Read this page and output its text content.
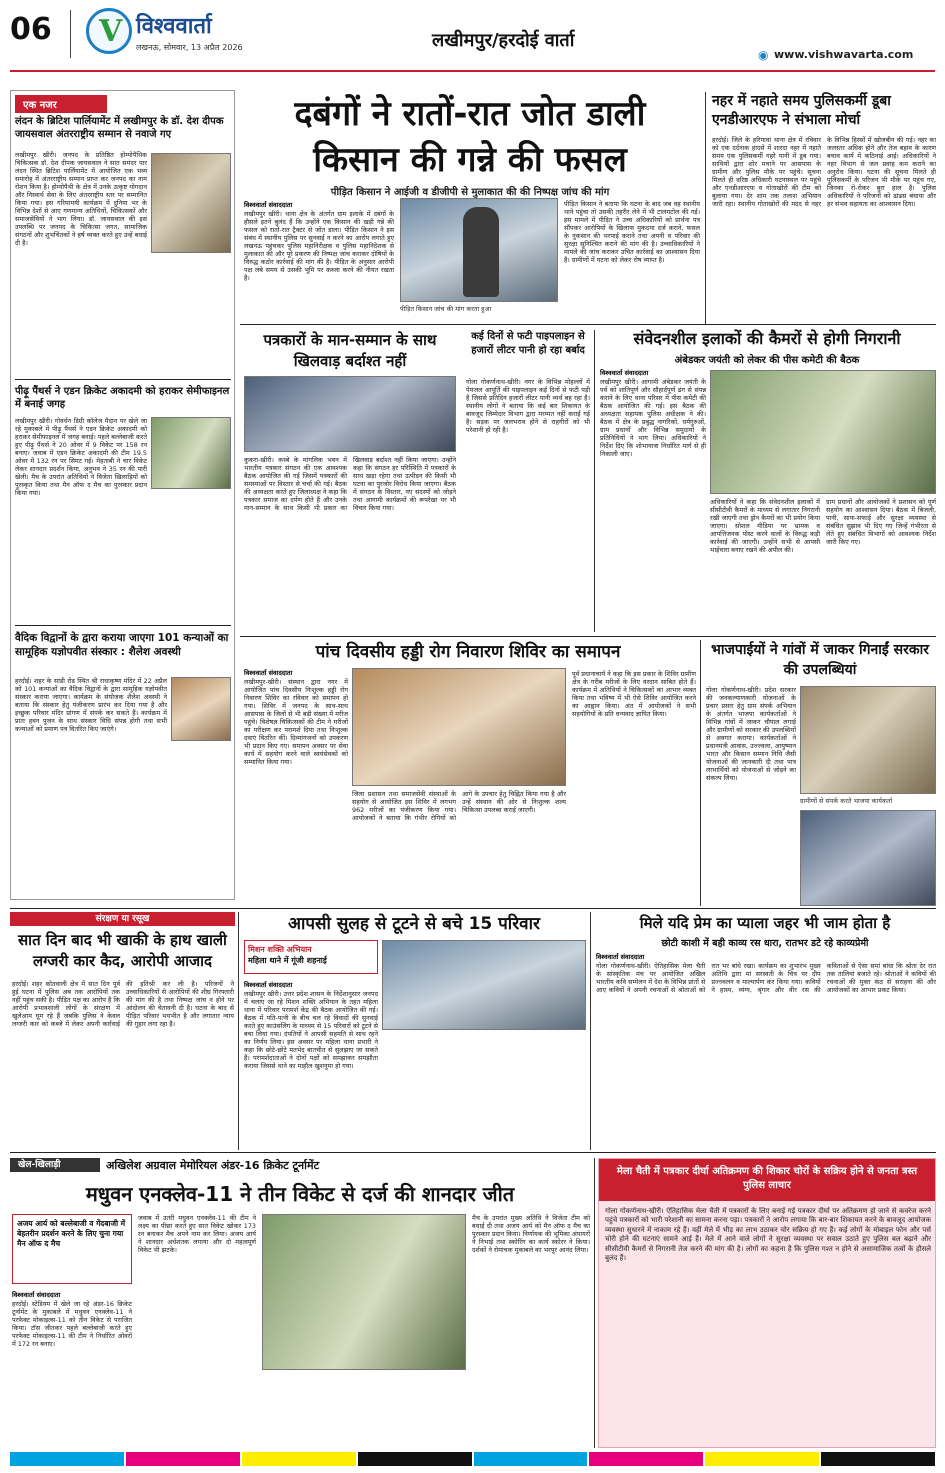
06 V	विश्ववार्ता
लखनऊ, सोमवार, 13 अप्रैल 2026	लखीमपुर/हरदोई वार्ता
◉ www.vishwavarta.com
एक नजर
लंदन के ब्रिटिश पार्लियामेंट में लखीमपुर के डॉ. देश दीपक जायसवाल अंतरराष्ट्रीय सम्मान से नवाजे गए
लखीमपुर खीरी। जनपद के प्रतिष्ठित होम्योपैथिक चिकित्सक डॉ. देश दीपक जायसवाल ने सात समंदर पार लंदन स्थित ब्रिटिश पार्लियामेंट में आयोजित एक भव्य समारोह में अंतरराष्ट्रीय सम्मान प्राप्त कर जनपद का नाम रोशन किया है। होम्योपैथी के क्षेत्र में उनके उत्कृष्ट योगदान और निस्वार्थ सेवा के लिए अंतरराष्ट्रीय स्तर पर सम्मानित किया गया। इस गरिमामयी कार्यक्रम में दुनिया भर के विभिन्न देशों से आए गणमान्य अतिथियों, चिकित्सकों और समाजसेवियों ने भाग लिया। डॉ. जायसवाल की इस उपलब्धि पर जनपद के चिकित्सा जगत, सामाजिक संगठनों और शुभचिंतकों ने हर्ष व्यक्त करते हुए उन्हें बधाई दी है।
पीढ़ू पैंथर्स ने एडन क्रिकेट अकादमी को हराकर सेमीफाइनल में बनाई जगह
लखीमपुर खीरी। गोवर्धन डिग्री कॉलेज मैदान पर खेले जा रहे मुकाबले में पीढ़ू पैंथर्स ने एडन क्रिकेट अकादमी को हराकर सेमीफाइनल में जगह बनाई। पहले बल्लेबाजी करते हुए पीढ़ू पैंथर्स ने 20 ओवर में 9 विकेट पर 158 रन बनाए। जवाब में एडन क्रिकेट अकादमी की टीम 19.5 ओवर में 132 रन पर सिमट गई। मेहताबी ने चार विकेट लेकर शानदार प्रदर्शन किया, अनुभव ने 35 रन की पारी खेली। मैच के उपरांत अतिथियों ने विजेता खिलाड़ियों को पुरस्कृत किया तथा मैन ऑफ द मैच का पुरस्कार प्रदान किया गया।
वैदिक विद्वानों के द्वारा कराया जाएगा 101 कन्याओं का सामूहिक यज्ञोपवीत संस्कार : शैलेश अवस्थी
हरदोई। शहर के सांडी रोड स्थित श्री राधाकृष्ण मंदिर में 22 अप्रैल को 101 कन्याओं का वैदिक विद्वानों के द्वारा सामूहिक यज्ञोपवीत संस्कार कराया जाएगा। कार्यक्रम के संयोजक शैलेश अवस्थी ने बताया कि संस्कार हेतु पंजीकरण प्रारंभ कर दिया गया है और इच्छुक परिवार मंदिर प्रांगण में संपर्क कर सकते हैं। कार्यक्रम में प्रातः हवन पूजन के साथ संस्कार विधि संपन्न होगी तथा सभी कन्याओं को प्रमाण पत्र वितरित किए जाएंगे।
दबंगों ने रातों-रात जोत डाली
किसान की गन्ने की फसल
पीड़ित किसान ने आईजी व डीजीपी से मुलाकात की की निष्पक्ष जांच की मांग
विश्ववार्ता संवाददाता
लखीमपुर खीरी। थाना क्षेत्र के अंतर्गत ग्राम इलाके में दबंगों के हौसले इतने बुलंद हैं कि उन्होंने एक किसान की खड़ी गन्ने की फसल को रातों-रात ट्रैक्टर से जोत डाला। पीड़ित किसान ने इस संबंध में स्थानीय पुलिस पर सुनवाई न करने का आरोप लगाते हुए लखनऊ पहुंचकर पुलिस महानिरीक्षक व पुलिस महानिदेशक से मुलाकात की और पूरे प्रकरण की निष्पक्ष जांच कराकर दोषियों के विरुद्ध कठोर कार्रवाई की मांग की है। पीड़ित के अनुसार आरोपी पक्ष लंबे समय से उसकी भूमि पर कब्जा करने की नीयत रखता है।
पीड़ित किसान जांच की मांग करता हुआ
पीड़ित किसान ने बताया कि घटना के बाद जब वह स्थानीय थाने पहुंचा तो उसकी तहरीर लेने में भी टालमटोल की गई। इस मामले में पीड़ित ने उच्च अधिकारियों को प्रार्थना पत्र सौंपकर आरोपियों के खिलाफ मुकदमा दर्ज कराने, फसल के नुकसान की भरपाई कराने तथा अपनी व परिवार की सुरक्षा सुनिश्चित कराने की मांग की है। उच्चाधिकारियों ने मामले की जांच कराकर उचित कार्रवाई का आश्वासन दिया है। ग्रामीणों में घटना को लेकर रोष व्याप्त है।
नहर में नहाते समय पुलिसकर्मी डूबा एनडीआरएफ ने संभाला मोर्चा
हरदोई। जिले के हरियावां थाना क्षेत्र में रविवार को एक दर्दनाक हादसे में शारदा नहर में नहाते समय एक पुलिसकर्मी गहरे पानी में डूब गया। साथियों द्वारा शोर मचाने पर आसपास के ग्रामीण और पुलिस मौके पर पहुंचे। सूचना मिलते ही वरिष्ठ अधिकारी घटनास्थल पर पहुंचे और एनडीआरएफ व गोताखोरों की टीम को बुलाया गया। देर शाम तक तलाश अभियान जारी रहा। स्थानीय गोताखोरों की मदद से नहर के विभिन्न हिस्सों में खोजबीन की गई। नहर का जलस्तर अधिक होने और तेज बहाव के कारण बचाव कार्य में कठिनाई आई। अधिकारियों ने नहर विभाग से जल प्रवाह कम कराने का अनुरोध किया। घटना की सूचना मिलते ही पुलिसकर्मी के परिजन भी मौके पर पहुंच गए, जिनका रो-रोकर बुरा हाल है। पुलिस अधिकारियों ने परिजनों को ढांढस बंधाया और हर संभव सहायता का आश्वासन दिया।
पत्रकारों के मान-सम्मान के साथ खिलवाड़ बर्दाश्त नहीं
कुकरा-खीरी। कस्बे के मांगलिक भवन में भारतीय पत्रकार संगठन की एक आवश्यक बैठक आयोजित की गई जिसमें पत्रकारों की समस्याओं पर विस्तार से चर्चा की गई। बैठक की अध्यक्षता करते हुए जिलाध्यक्ष ने कहा कि पत्रकार समाज का दर्पण होते हैं और उनके मान-सम्मान के साथ किसी भी प्रकार का खिलवाड़ बर्दाश्त नहीं किया जाएगा। उन्होंने कहा कि संगठन हर परिस्थिति में पत्रकारों के साथ खड़ा रहेगा तथा उत्पीड़न की किसी भी घटना का पुरजोर विरोध किया जाएगा। बैठक में संगठन के विस्तार, नए सदस्यों को जोड़ने तथा आगामी कार्यक्रमों की रूपरेखा पर भी विचार किया गया।
कई दिनों से फटी पाइपलाइन से हजारों लीटर पानी हो रहा बर्बाद
गोला गोकर्णनाथ-खीरी। नगर के विभिन्न मोहल्लों में पेयजल आपूर्ति की पाइपलाइन कई दिनों से फटी पड़ी है जिससे प्रतिदिन हजारों लीटर पानी व्यर्थ बह रहा है। स्थानीय लोगों ने बताया कि कई बार शिकायत के बावजूद जिम्मेदार विभाग द्वारा मरम्मत नहीं कराई गई है। सड़क पर जलभराव होने से राहगीरों को भी परेशानी हो रही है।
संवेदनशील इलाकों की कैमरों से होगी निगरानी
अंबेडकर जयंती को लेकर की पीस कमेटी की बैठक
विश्ववार्ता संवाददाता
लखीमपुर खीरी। आगामी अंबेडकर जयंती के पर्व को शांतिपूर्ण और सौहार्दपूर्ण ढंग से संपन्न कराने के लिए थाना परिसर में पीस कमेटी की बैठक आयोजित की गई। इस बैठक की अध्यक्षता सहायक पुलिस अधीक्षक ने की। बैठक में क्षेत्र के प्रबुद्ध नागरिकों, धर्मगुरुओं, ग्राम प्रधानों और विभिन्न समुदायों के प्रतिनिधियों ने भाग लिया। अधिकारियों ने निर्देश दिए कि शोभायात्रा निर्धारित मार्ग से ही निकाली जाए।
अधिकारियों ने कहा कि संवेदनशील इलाकों में सीसीटीवी कैमरों के माध्यम से लगातार निगरानी रखी जाएगी तथा ड्रोन कैमरों का भी प्रयोग किया जाएगा। सोशल मीडिया पर भ्रामक व आपत्तिजनक पोस्ट करने वालों के विरुद्ध कड़ी कार्रवाई की जाएगी। उन्होंने सभी से आपसी भाईचारा बनाए रखने की अपील की।
ग्राम प्रधानों और आयोजकों ने प्रशासन को पूर्ण सहयोग का आश्वासन दिया। बैठक में बिजली, पानी, साफ-सफाई और सुरक्षा व्यवस्था से संबंधित सुझाव भी दिए गए जिन्हें गंभीरता से लेते हुए संबंधित विभागों को आवश्यक निर्देश जारी किए गए।
पांच दिवसीय हड्डी रोग निवारण शिविर का समापन
विश्ववार्ता संवाददाता
लखीमपुर-खीरी। संस्थान द्वारा नगर में आयोजित पांच दिवसीय निःशुल्क हड्डी रोग निवारण शिविर का रविवार को समापन हो गया। शिविर में जनपद के साथ-साथ आसपास के जिलों से भी बड़ी संख्या में मरीज पहुंचे। विशेषज्ञ चिकित्सकों की टीम ने मरीजों का परीक्षण कर परामर्श दिया तथा निःशुल्क दवाएं वितरित कीं। दिव्यांगजनों को उपकरण भी प्रदान किए गए। समापन अवसर पर सेवा कार्य में सहयोग करने वाले स्वयंसेवकों को सम्मानित किया गया।
जिला प्रशासन तथा समाजसेवी संस्थाओं के सहयोग से आयोजित इस शिविर में लगभग 962 मरीजों का पंजीकरण किया गया। आयोजकों ने बताया कि गंभीर रोगियों को आगे के उपचार हेतु चिह्नित किया गया है और उन्हें संस्थान की ओर से निःशुल्क शल्य चिकित्सा उपलब्ध कराई जाएगी।
पूर्व प्रधानाचार्य ने कहा कि इस प्रकार के शिविर ग्रामीण क्षेत्र के गरीब मरीजों के लिए वरदान साबित होते हैं। कार्यक्रम में अतिथियों ने चिकित्सकों का आभार व्यक्त किया तथा भविष्य में भी ऐसे शिविर आयोजित करने का आह्वान किया। अंत में आयोजकों ने सभी सहयोगियों के प्रति धन्यवाद ज्ञापित किया।
भाजपाईयों ने गांवों में जाकर गिनाईं सरकार की उपलब्धियां
गोला गोकर्णनाथ-खीरी। प्रदेश सरकार की जनकल्याणकारी योजनाओं के प्रचार प्रसार हेतु ग्राम संपर्क अभियान के अंतर्गत भाजपा कार्यकर्ताओं ने विभिन्न गांवों में जाकर चौपाल लगाई और ग्रामीणों को सरकार की उपलब्धियों से अवगत कराया। कार्यकर्ताओं ने प्रधानमंत्री आवास, उज्ज्वला, आयुष्मान भारत और किसान सम्मान निधि जैसी योजनाओं की जानकारी दी तथा पात्र लाभार्थियों को योजनाओं से जोड़ने का संकल्प लिया।
ग्रामीणों से संपर्क करते भाजपा कार्यकर्ता
संरक्षण या रसूख
सात दिन बाद भी खाकी के हाथ खाली लग्जरी कार कैद, आरोपी आजाद
हरदोई। शहर कोतवाली क्षेत्र में सात दिन पूर्व हुई घटना में पुलिस अब तक आरोपियों तक नहीं पहुंच सकी है। पीड़ित पक्ष का आरोप है कि आरोपी प्रभावशाली लोगों के संरक्षण में खुलेआम घूम रहे हैं जबकि पुलिस ने केवल लग्जरी कार को कब्जे में लेकर अपनी कार्रवाई की इतिश्री कर ली है। परिजनों ने उच्चाधिकारियों से आरोपियों की शीघ्र गिरफ्तारी की मांग की है तथा निष्पक्ष जांच न होने पर आंदोलन की चेतावनी दी है। घटना के बाद से पीड़ित परिवार भयभीत है और लगातार न्याय की गुहार लगा रहा है।
आपसी सुलह से टूटने से बचे 15 परिवार
मिशन शक्ति अभियान
महिला थाने में गूंजी शहनाई
विश्ववार्ता संवाददाता
लखीमपुर खीरी। उत्तर प्रदेश शासन के निर्देशानुसार जनपद में चलाए जा रहे मिशन शक्ति अभियान के तहत महिला थाना में परिवार परामर्श केंद्र की बैठक आयोजित की गई। बैठक में पति-पत्नी के बीच चल रहे विवादों की सुनवाई करते हुए काउंसलिंग के माध्यम से 15 परिवारों को टूटने से बचा लिया गया। दंपतियों ने आपसी सहमति से साथ रहने का निर्णय लिया। इस अवसर पर महिला थाना प्रभारी ने कहा कि छोटे-छोटे मतभेद बातचीत से सुलझाए जा सकते हैं। परामर्शदाताओं ने दोनों पक्षों को समझाकर समझौता कराया जिससे थाने का माहौल खुशनुमा हो गया।
मिले यदि प्रेम का प्याला जहर भी जाम होता है
छोटी काशी में बही काव्य रस धारा, रातभर डटे रहे काव्यप्रेमी
विश्ववार्ता संवाददाता
गोला गोकर्णनाथ-खीरी। ऐतिहासिक मेला चैती के सांस्कृतिक मंच पर आयोजित अखिल भारतीय कवि सम्मेलन में देश के विभिन्न प्रांतों से आए कवियों ने अपनी रचनाओं से श्रोताओं को रात भर बांधे रखा। कार्यक्रम का शुभारंभ मुख्य अतिथि द्वारा मां सरस्वती के चित्र पर दीप प्रज्ज्वलन व माल्यार्पण कर किया गया। कवियों ने हास्य, व्यंग्य, श्रृंगार और वीर रस की कविताओं से ऐसा समां बांधा कि श्रोता देर रात तक तालियां बजाते रहे। श्रोताओं ने कवियों की रचनाओं की मुक्त कंठ से सराहना की और आयोजकों का आभार प्रकट किया।
खेल-खिलाड़ी	अखिलेश अग्रवाल मेमोरियल अंडर-16 क्रिकेट टूर्नामेंट
मधुवन एनक्लेव-11 ने तीन विकेट से दर्ज की शानदार जीत
अजय आर्य को बल्लेबाजी व गेंदबाजी में बेहतरीन प्रदर्शन करने के लिए चुना गया मैन ऑफ द मैच
विश्ववार्ता संवाददाता
हरदोई। स्टेडियम में खेले जा रहे अंडर-16 क्रिकेट टूर्नामेंट के मुकाबले में मधुवन एनक्लेव-11 ने परफेक्ट मोकाइल्स-11 को तीन विकेट से पराजित किया। टॉस जीतकर पहले बल्लेबाजी करते हुए परफेक्ट मोकाइल्स-11 की टीम ने निर्धारित ओवरों में 172 रन बनाए।
जवाब में उतरी मधुवन एनक्लेव-11 की टीम ने लक्ष्य का पीछा करते हुए सात विकेट खोकर 173 रन बनाकर मैच अपने नाम कर लिया। अजय आर्य ने शानदार अर्धशतक लगाया और दो महत्वपूर्ण विकेट भी झटके।
मैच के उपरांत मुख्य अतिथि ने विजेता टीम को बधाई दी तथा अजय आर्य को मैन ऑफ द मैच का पुरस्कार प्रदान किया। निर्णायक की भूमिका अंपायरों ने निभाई तथा स्कोरिंग का कार्य स्कोरर ने किया। दर्शकों ने रोमांचक मुकाबले का भरपूर आनंद लिया।
मेला चैती में पत्रकार दीर्घा अतिक्रमण की शिकार चोरों के सक्रिय होने से जनता त्रस्त पुलिस लाचार
गोला गोकर्णनाथ-खीरी। ऐतिहासिक मेला चैती में पत्रकारों के लिए बनाई गई पत्रकार दीर्घा पर अतिक्रमण हो जाने से कवरेज करने पहुंचे पत्रकारों को भारी परेशानी का सामना करना पड़ा। पत्रकारों ने आरोप लगाया कि बार-बार शिकायत करने के बावजूद आयोजक व्यवस्था सुधारने में नाकाम रहे हैं। वहीं मेले में भीड़ का लाभ उठाकर चोर सक्रिय हो गए हैं। कई लोगों के मोबाइल फोन और पर्स चोरी होने की घटनाएं सामने आई हैं। मेले में आने वाले लोगों ने सुरक्षा व्यवस्था पर सवाल उठाते हुए पुलिस बल बढ़ाने और सीसीटीवी कैमरों से निगरानी तेज करने की मांग की है। लोगों का कहना है कि पुलिस गश्त न होने से असामाजिक तत्वों के हौसले बुलंद हैं।
